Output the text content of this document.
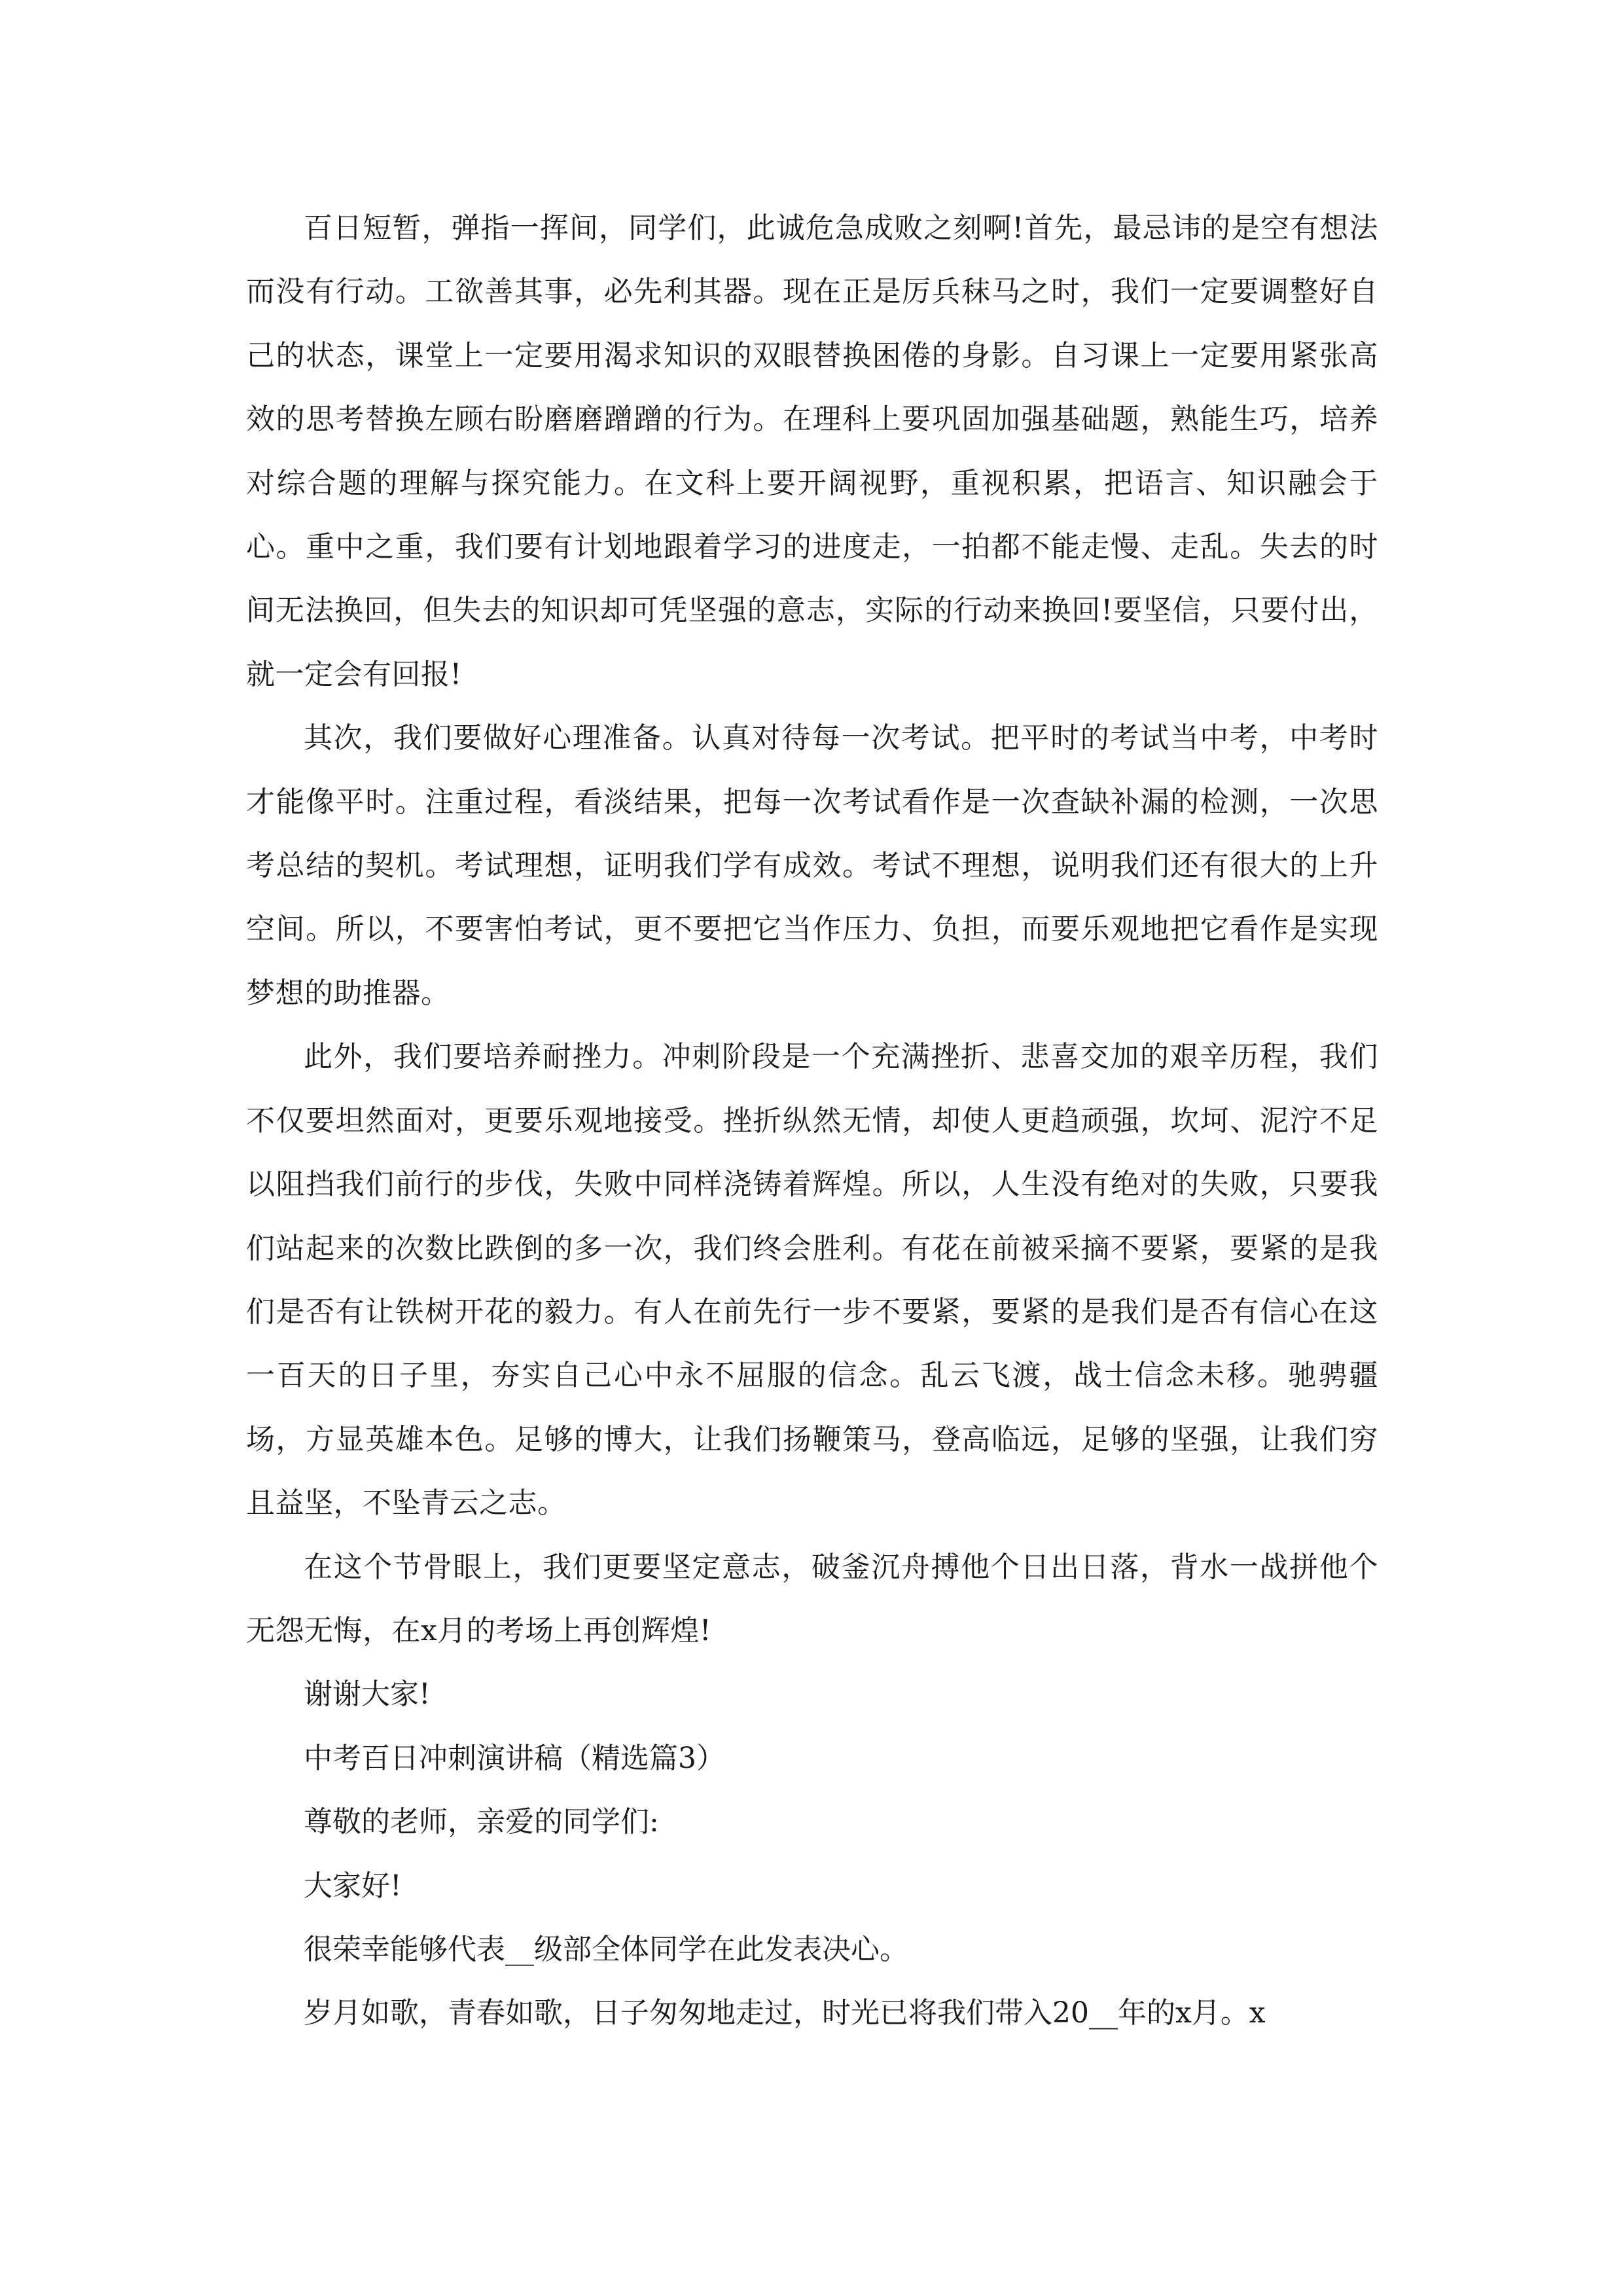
百日短暂，弹指一挥间，同学们，此诚危急成败之刻啊!首先，最忌讳的是空有想法而没有行动。工欲善其事，必先利其器。现在正是厉兵秣马之时，我们一定要调整好自己的状态，课堂上一定要用渴求知识的双眼替换困倦的身影。自习课上一定要用紧张高效的思考替换左顾右盼磨磨蹭蹭的行为。在理科上要巩固加强基础题，熟能生巧，培养对综合题的理解与探究能力。在文科上要开阔视野，重视积累，把语言、知识融会于心。重中之重，我们要有计划地跟着学习的进度走，一拍都不能走慢、走乱。失去的时间无法换回，但失去的知识却可凭坚强的意志，实际的行动来换回!要坚信，只要付出，就一定会有回报!

其次，我们要做好心理准备。认真对待每一次考试。把平时的考试当中考，中考时才能像平时。注重过程，看淡结果，把每一次考试看作是一次查缺补漏的检测，一次思考总结的契机。考试理想，证明我们学有成效。考试不理想，说明我们还有很大的上升空间。所以，不要害怕考试，更不要把它当作压力、负担，而要乐观地把它看作是实现梦想的助推器。

此外，我们要培养耐挫力。冲刺阶段是一个充满挫折、悲喜交加的艰辛历程，我们不仅要坦然面对，更要乐观地接受。挫折纵然无情，却使人更趋顽强，坎坷、泥泞不足以阻挡我们前行的步伐，失败中同样浇铸着辉煌。所以，人生没有绝对的失败，只要我们站起来的次数比跌倒的多一次，我们终会胜利。有花在前被采摘不要紧，要紧的是我们是否有让铁树开花的毅力。有人在前先行一步不要紧，要紧的是我们是否有信心在这一百天的日子里，夯实自己心中永不屈服的信念。乱云飞渡，战士信念未移。驰骋疆场，方显英雄本色。足够的博大，让我们扬鞭策马，登高临远，足够的坚强，让我们穷且益坚，不坠青云之志。

在这个节骨眼上，我们更要坚定意志，破釜沉舟搏他个日出日落，背水一战拼他个无怨无悔，在x月的考场上再创辉煌!

谢谢大家!

中考百日冲刺演讲稿（精选篇3）

尊敬的老师，亲爱的同学们:

大家好!

很荣幸能够代表__级部全体同学在此发表决心。

岁月如歌，青春如歌，日子匆匆地走过，时光已将我们带入20__年的x月。x
